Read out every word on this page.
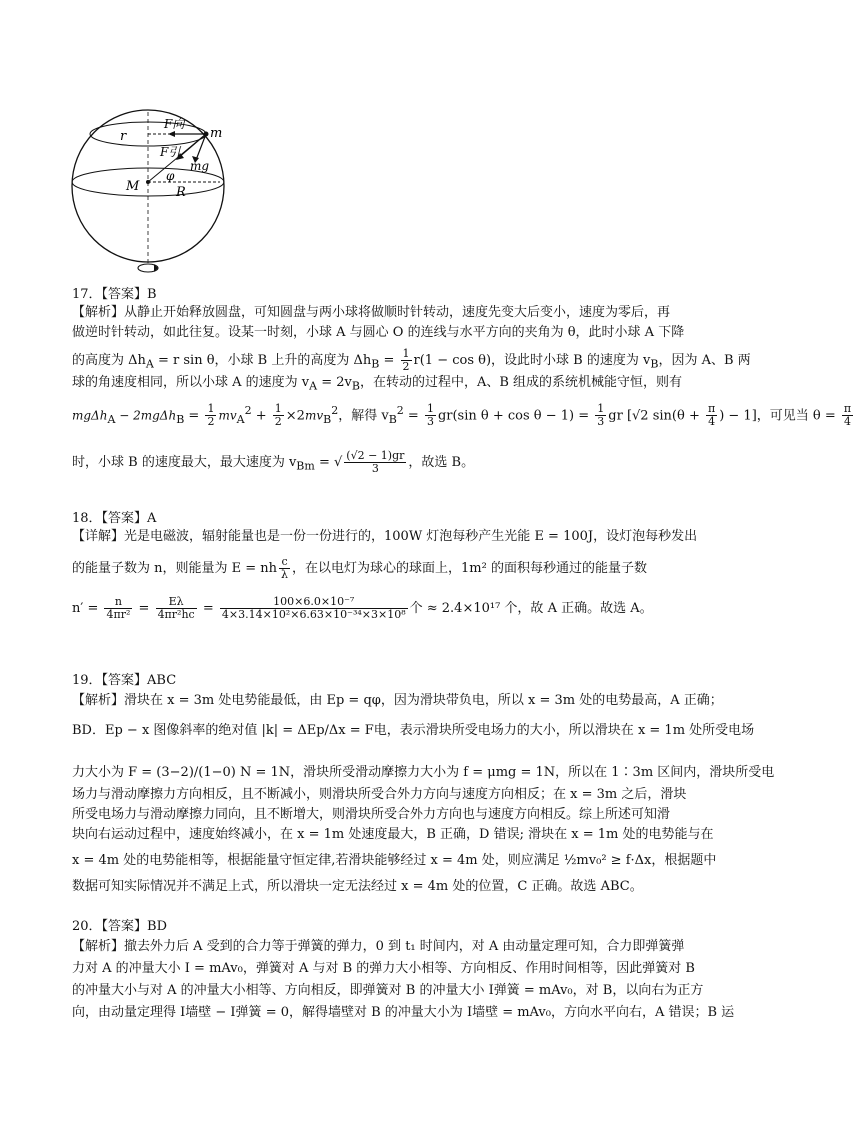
F向
m
r
F引
mg
φ
M	R
17．【答案】B
【解析】从静止开始释放圆盘，可知圆盘与两小球将做顺时针转动，速度先变大后变小，速度为零后，再
做逆时针转动，如此往复。设某一时刻，小球 A 与圆心 O 的连线与水平方向的夹角为 θ，此时小球 A 下降
的高度为 $\Delta h_A = r$ sin θ，小球 B 上升的高度为 $\Delta h_B = \frac{1}{2} r(1 - \cos \theta)$，设此时小球 B 的速度为 $v_B$，因为 A、B 两
球的角速度相同，所以小球 A 的速度为 $v_A = 2v_B$，在转动的过程中，A、B 组成的系统机械能守恒，则有
$mg\Delta h_A - 2mg\Delta h_B = \frac{1}{2} mv_A^2 + \frac{1}{2} \times 2mv_B^2$，解得 $v_B^2 = \frac{1}{3} gr(\sin$ $\theta + \cos \theta - 1) = \frac{1}{3}$ gr [√2 $\sin(\theta + \frac{\pi}{4}$ ) − 1]，可见当 $\theta = \frac{\pi}{4}$
时，小球 B 的速度最大，最大速度为 $v_{Bm}$ = √ $\frac{(√2 - 1)gr}{3}$ ，故选 B。
18．【答案】A
【详解】光是电磁波，辐射能量也是一份一份进行的，100W 灯泡每秒产生光能 E = 100J，设灯泡每秒发出
的能量子数为 n，则能量为 E = nh $\frac{c}{\lambda}$ ，在以电灯为球心的球面上，1m² 的面积每秒通过的能量子数
$n' = \frac{n}{\text{4πr²}} = \frac{E\lambda}{\text{4πr²hc}} = \frac{\text{100×6.0×10⁻⁷}}{\text{4×3.14×10²×6.63×10⁻³⁴×3×10⁸}}$ 个 ≈ 2.4×10¹⁷ 个，故 A 正确。故选 A。
19．【答案】ABC
【解析】滑块在 x = 3m 处电势能最低，由 Ep = qφ，因为滑块带负电，所以 x = 3m 处的电势最高，A 正确；
BD．Ep − x 图像斜率的绝对值 |k| = ΔEp/Δx = F电，表示滑块所受电场力的大小，所以滑块在 x = 1m 处所受电场
力大小为 F = (3−2)/(1−0) N = 1N，滑块所受滑动摩擦力大小为 f = μmg = 1N，所以在 1∶3m 区间内，滑块所受电
场力与滑动摩擦力方向相反，且不断减小，则滑块所受合外力方向与速度方向相反；在 x = 3m 之后，滑块
所受电场力与滑动摩擦力同向，且不断增大，则滑块所受合外力方向也与速度方向相反。综上所述可知滑
块向右运动过程中，速度始终减小，在 x = 1m 处速度最大，B 正确，D 错误; 滑块在 x = 1m 处的电势能与在
x = 4m 处的电势能相等，根据能量守恒定律,若滑块能够经过 x = 4m 处，则应满足 ½mv₀² ≥ f·Δx，根据题中
数据可知实际情况并不满足上式，所以滑块一定无法经过 x = 4m 处的位置，C 正确。故选 ABC。
20．【答案】BD
【解析】撤去外力后 A 受到的合力等于弹簧的弹力，0 到 t₁ 时间内，对 A 由动量定理可知，合力即弹簧弹
力对 A 的冲量大小 I = mAv₀，弹簧对 A 与对 B 的弹力大小相等、方向相反、作用时间相等，因此弹簧对 B
的冲量大小与对 A 的冲量大小相等、方向相反，即弹簧对 B 的冲量大小 I弹簧 = mAv₀，对 B，以向右为正方
向，由动量定理得 I墙壁 − I弹簧 = 0，解得墙壁对 B 的冲量大小为 I墙壁 = mAv₀，方向水平向右，A 错误；B 运
